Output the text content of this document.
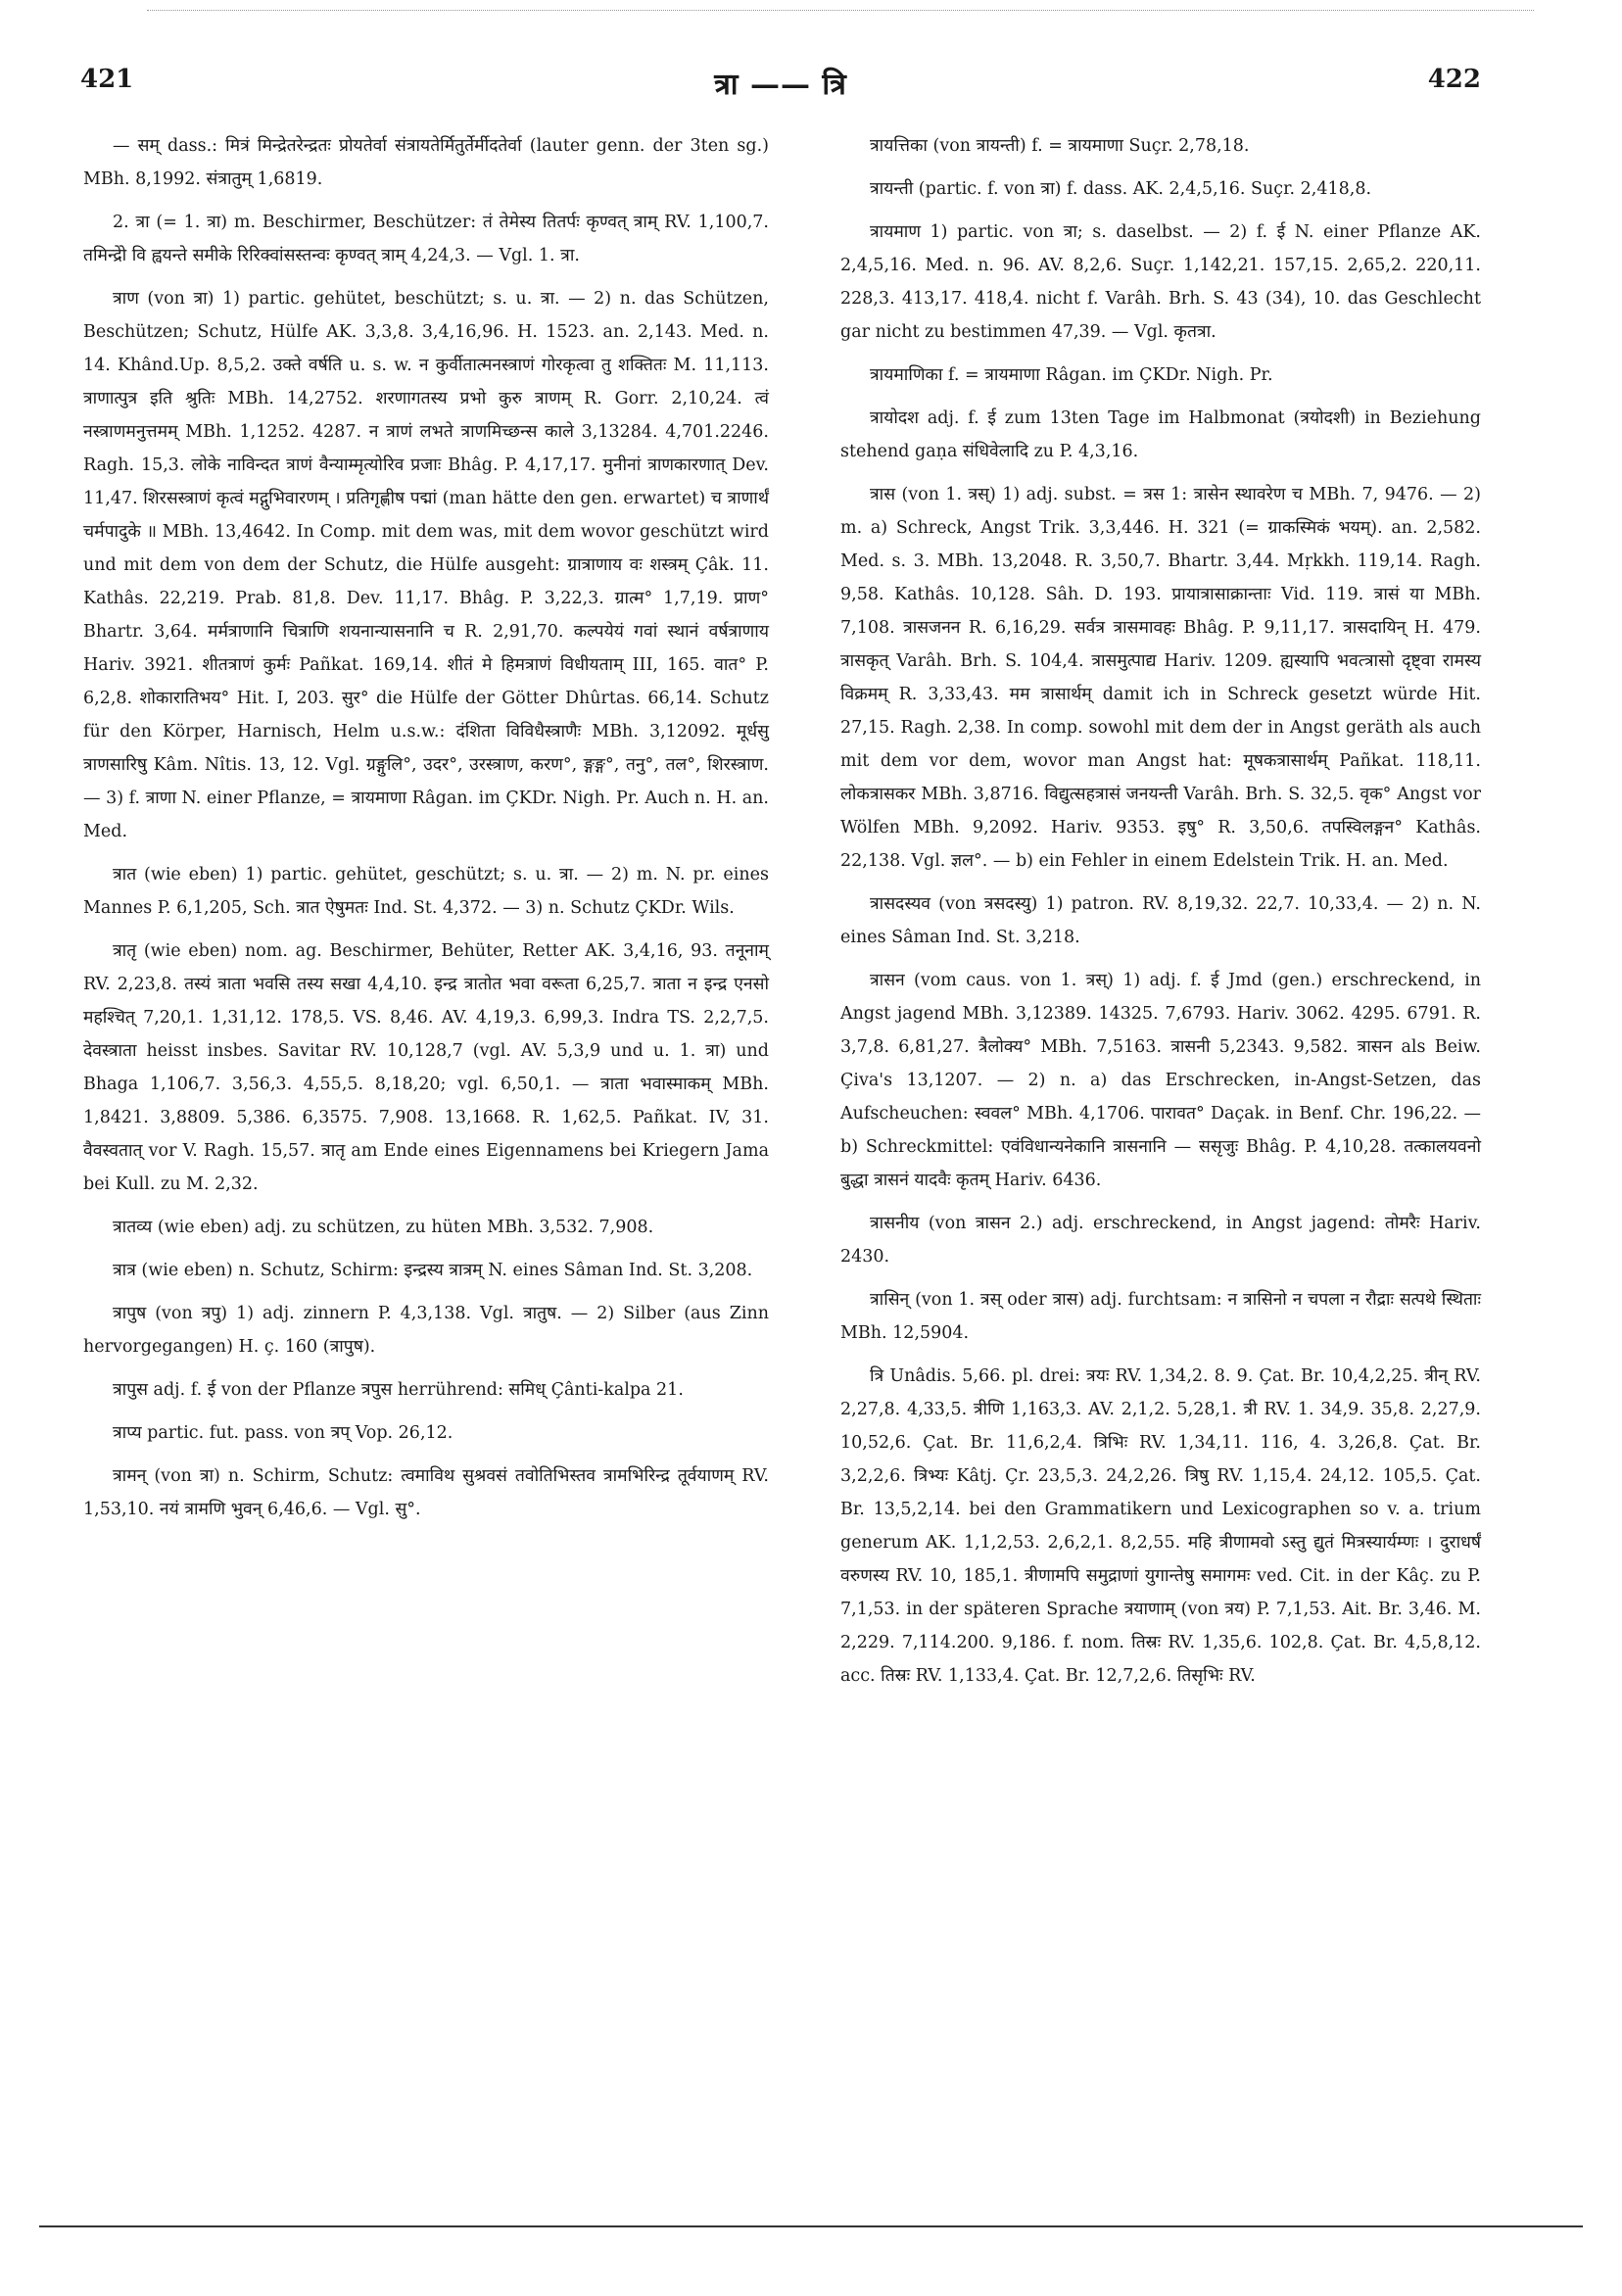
421	त्रा —— त्रि	422

— सम् dass.: मित्रं मिन्द्रेतरेन्द्रतः प्रोयतेर्वा संत्रायतेर्मितुर्तेर्मीदतेर्वा (lauter genn. der 3ten sg.) MBh. 8,1992. संत्रातुम् 1,6819.

2. त्रा (= 1. त्रा) m. Beschirmer, Beschützer: तं तेमेस्य तितर्पः कृण्वत् त्राम् RV. 1,100,7. तमिन्द्रेो वि ह्वयन्ते समीके रिरिक्वांसस्तन्वः कृण्वत् त्राम् 4,24,3. — Vgl. 1. त्रा.

त्राण (von त्रा) 1) partic. gehütet, beschützt; s. u. त्रा. — 2) n. das Schützen, Beschützen; Schutz, Hülfe AK. 3,3,8. 3,4,16,96. H. 1523. an. 2,143. Med. n. 14. Khând.Up. 8,5,2. उक्ते वर्षति u. s. w. न कुर्वीतात्मनस्त्राणं गोरकृत्वा तु शक्तितः M. 11,113. त्राणात्पुत्र इति श्रुतिः MBh. 14,2752. शरणागतस्य प्रभो कुरु त्राणम् R. Gorr. 2,10,24. त्वं नस्त्राणमनुत्तमम् MBh. 1,1252. 4287. न त्राणं लभते त्राणमिच्छन्स काले 3,13284. 4,701.2246. Ragh. 15,3. लोके नाविन्दत त्राणं वैन्याम्मृत्योरिव प्रजाः Bhâg. P. 4,17,17. मुनीनां त्राणकारणात् Dev. 11,47. शिरसस्त्राणं कृत्वं मद्गुभिवारणम् । प्रतिगृह्णीष पद्मां (man hätte den gen. erwartet) च त्राणार्थं चर्मपादुके ॥ MBh. 13,4642. In Comp. mit dem was, mit dem wovor geschützt wird und mit dem von dem der Schutz, die Hülfe ausgeht: ग्रात्राणाय वः शस्त्रम् Çâk. 11. Kathâs. 22,219. Prab. 81,8. Dev. 11,17. Bhâg. P. 3,22,3. ग्रात्म° 1,7,19. प्राण° Bhartr. 3,64. मर्मत्राणानि चित्राणि शयनान्यासनानि च R. 2,91,70. कल्पयेयं गवां स्थानं वर्षत्राणाय Hariv. 3921. शीतत्राणं कुर्मः Pañkat. 169,14. शीतं मे हिमत्राणं विधीयताम् III, 165. वात° P. 6,2,8. शोकारातिभय° Hit. I, 203. सुर° die Hülfe der Götter Dhûrtas. 66,14. Schutz für den Körper, Harnisch, Helm u.s.w.: दंशिता विविधैस्त्राणैः MBh. 3,12092. मूर्धसु त्राणसारिषु Kâm. Nîtis. 13, 12. Vgl. ग्रङ्गुलि°, उदर°, उरस्त्राण, करण°, ङ्गङ्ग°, तनु°, तल°, शिरस्त्राण. — 3) f. त्राणा N. einer Pflanze, = त्रायमाणा Râgan. im ÇKDr. Nigh. Pr. Auch n. H. an. Med.

त्रात (wie eben) 1) partic. gehütet, geschützt; s. u. त्रा. — 2) m. N. pr. eines Mannes P. 6,1,205, Sch. त्रात ऐषुमतः Ind. St. 4,372. — 3) n. Schutz ÇKDr. Wils.

त्रातृ (wie eben) nom. ag. Beschirmer, Behüter, Retter AK. 3,4,16, 93. तनूनाम् RV. 2,23,8. तस्यं त्राता भवसि तस्य सखा 4,4,10. इन्द्र त्रातोत भवा वरूता 6,25,7. त्राता न इन्द्र एनसो महश्चित् 7,20,1. 1,31,12. 178,5. VS. 8,46. AV. 4,19,3. 6,99,3. Indra TS. 2,2,7,5. देवस्त्राता heisst insbes. Savitar RV. 10,128,7 (vgl. AV. 5,3,9 und u. 1. त्रा) und Bhaga 1,106,7. 3,56,3. 4,55,5. 8,18,20; vgl. 6,50,1. — त्राता भवास्माकम् MBh. 1,8421. 3,8809. 5,386. 6,3575. 7,908. 13,1668. R. 1,62,5. Pañkat. IV, 31. वैवस्वतात् vor V. Ragh. 15,57. त्रातृ am Ende eines Eigennamens bei Kriegern Jama bei Kull. zu M. 2,32.

त्रातव्य (wie eben) adj. zu schützen, zu hüten MBh. 3,532. 7,908.

त्रात्र (wie eben) n. Schutz, Schirm: इन्द्रस्य त्रात्रम् N. eines Sâman Ind. St. 3,208.

त्रापुष (von त्रपु) 1) adj. zinnern P. 4,3,138. Vgl. त्रातुष. — 2) Silber (aus Zinn hervorgegangen) H. ç. 160 (त्रापुष).

त्रापुस adj. f. ई von der Pflanze त्रपुस herrührend: समिध् Çânti-kalpa 21.

त्राप्य partic. fut. pass. von त्रप् Vop. 26,12.

त्रामन् (von त्रा) n. Schirm, Schutz: त्वमाविथ सुश्रवसं तवोतिभिस्तव त्रामभिरिन्द्र तूर्वयाणम् RV. 1,53,10. नयं त्रामणि भुवन् 6,46,6. — Vgl. सु°.

त्रायत्तिका (von त्रायन्ती) f. = त्रायमाणा Suçr. 2,78,18.

त्रायन्ती (partic. f. von त्रा) f. dass. AK. 2,4,5,16. Suçr. 2,418,8.

त्रायमाण 1) partic. von त्रा; s. daselbst. — 2) f. ई N. einer Pflanze AK. 2,4,5,16. Med. n. 96. AV. 8,2,6. Suçr. 1,142,21. 157,15. 2,65,2. 220,11. 228,3. 413,17. 418,4. nicht f. Varâh. Brh. S. 43 (34), 10. das Geschlecht gar nicht zu bestimmen 47,39. — Vgl. कृतत्रा.

त्रायमाणिका f. = त्रायमाणा Râgan. im ÇKDr. Nigh. Pr.

त्रायोदश adj. f. ई zum 13ten Tage im Halbmonat (त्रयोदशी) in Beziehung stehend gaṇa संधिवेलादि zu P. 4,3,16.

त्रास (von 1. त्रस्) 1) adj. subst. = त्रस 1: त्रासेन स्थावरेण च MBh. 7, 9476. — 2) m. a) Schreck, Angst Trik. 3,3,446. H. 321 (= ग्राकस्मिकं भयम्). an. 2,582. Med. s. 3. MBh. 13,2048. R. 3,50,7. Bhartr. 3,44. Mṛkkh. 119,14. Ragh. 9,58. Kathâs. 10,128. Sâh. D. 193. प्रायात्रासाक्रान्ताः Vid. 119. त्रासं या MBh. 7,108. त्रासजनन R. 6,16,29. सर्वत्र त्रासमावहः Bhâg. P. 9,11,17. त्रासदायिन् H. 479. त्रासकृत् Varâh. Brh. S. 104,4. त्रासमुत्पाद्य Hariv. 1209. ह्यस्यापि भवत्त्रासो दृष्ट्वा रामस्य विक्रमम् R. 3,33,43. मम त्रासार्थम् damit ich in Schreck gesetzt würde Hit. 27,15. Ragh. 2,38. In comp. sowohl mit dem der in Angst geräth als auch mit dem vor dem, wovor man Angst hat: मूषकत्रासार्थम् Pañkat. 118,11. लोकत्रासकर MBh. 3,8716. विद्युत्सहत्रासं जनयन्ती Varâh. Brh. S. 32,5. वृक° Angst vor Wölfen MBh. 9,2092. Hariv. 9353. इषु° R. 3,50,6. तपस्विलङ्गन° Kathâs. 22,138. Vgl. ज्ञल°. — b) ein Fehler in einem Edelstein Trik. H. an. Med.

त्रासदस्यव (von त्रसदस्यु) 1) patron. RV. 8,19,32. 22,7. 10,33,4. — 2) n. N. eines Sâman Ind. St. 3,218.

त्रासन (vom caus. von 1. त्रस्) 1) adj. f. ई Jmd (gen.) erschreckend, in Angst jagend MBh. 3,12389. 14325. 7,6793. Hariv. 3062. 4295. 6791. R. 3,7,8. 6,81,27. त्रैलोक्य° MBh. 7,5163. त्रासनी 5,2343. 9,582. त्रासन als Beiw. Çiva's 13,1207. — 2) n. a) das Erschrecken, in-Angst-Setzen, das Aufscheuchen: स्ववल° MBh. 4,1706. पारावत° Daçak. in Benf. Chr. 196,22. — b) Schreckmittel: एवंविधान्यनेकानि त्रासनानि — ससृजुः Bhâg. P. 4,10,28. तत्कालयवनो बुद्धा त्रासनं यादवैः कृतम् Hariv. 6436.

त्रासनीय (von त्रासन 2.) adj. erschreckend, in Angst jagend: तोमरैः Hariv. 2430.

त्रासिन् (von 1. त्रस् oder त्रास) adj. furchtsam: न त्रासिनो न चपला न रौद्राः सत्पथे स्थिताः MBh. 12,5904.

त्रि Unâdis. 5,66. pl. drei: त्रयः RV. 1,34,2. 8. 9. Çat. Br. 10,4,2,25. त्रीन् RV. 2,27,8. 4,33,5. त्रीणि 1,163,3. AV. 2,1,2. 5,28,1. त्री RV. 1. 34,9. 35,8. 2,27,9. 10,52,6. Çat. Br. 11,6,2,4. त्रिभिः RV. 1,34,11. 116, 4. 3,26,8. Çat. Br. 3,2,2,6. त्रिभ्यः Kâtj. Çr. 23,5,3. 24,2,26. त्रिषु RV. 1,15,4. 24,12. 105,5. Çat. Br. 13,5,2,14. bei den Grammatikern und Lexicographen so v. a. trium generum AK. 1,1,2,53. 2,6,2,1. 8,2,55. महि त्रीणामवो ऽस्तु द्युतं मित्रस्यार्यम्णः । दुराधर्षं वरुणस्य RV. 10, 185,1. त्रीणामपि समुद्राणां युगान्तेषु समागमः ved. Cit. in der Kâç. zu P. 7,1,53. in der späteren Sprache त्रयाणाम् (von त्रय) P. 7,1,53. Ait. Br. 3,46. M. 2,229. 7,114.200. 9,186. f. nom. तिस्रः RV. 1,35,6. 102,8. Çat. Br. 4,5,8,12. acc. तिस्रः RV. 1,133,4. Çat. Br. 12,7,2,6. तिसृभिः RV.
